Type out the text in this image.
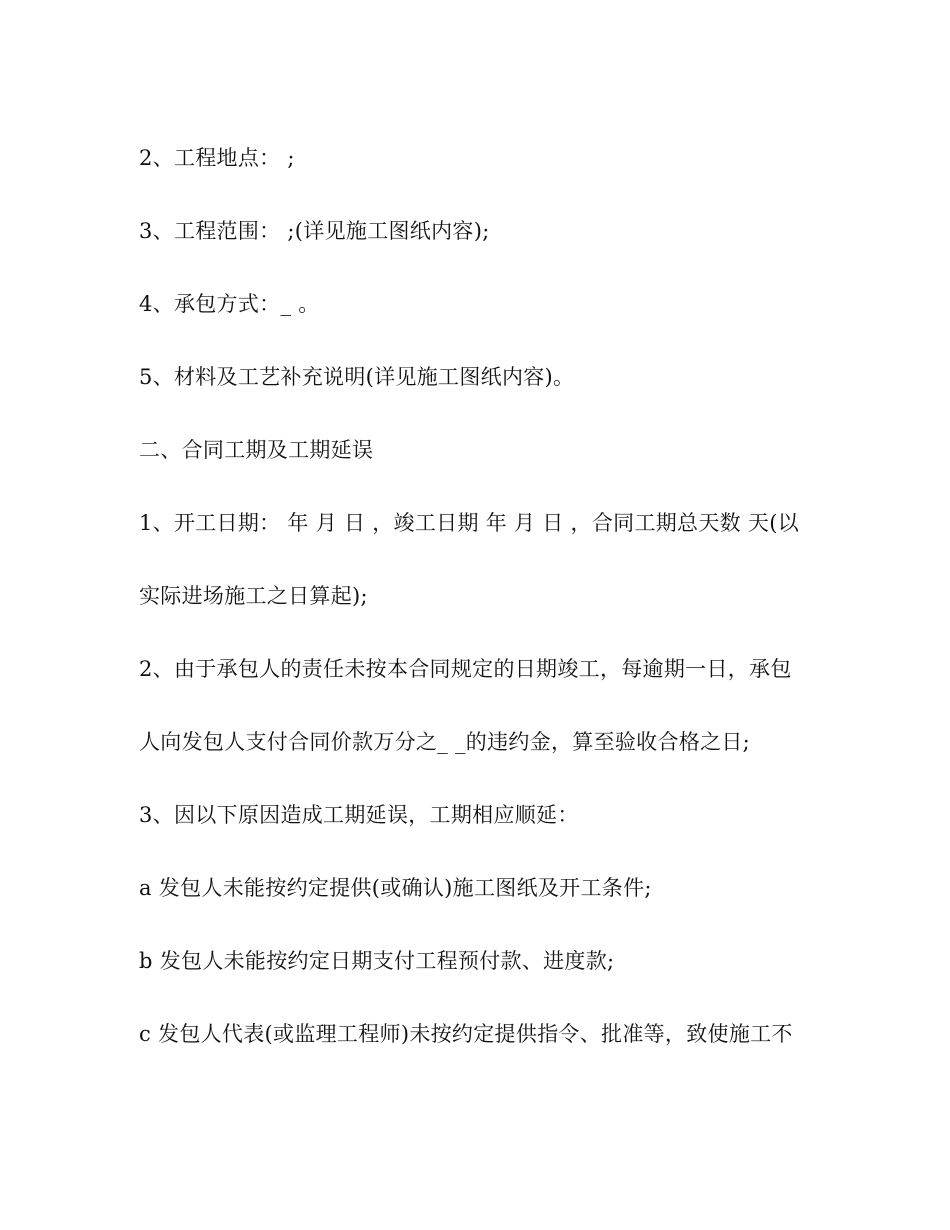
2、工程地点： ;
3、工程范围： ;(详见施工图纸内容);
4、承包方式：_ 。
5、材料及工艺补充说明(详见施工图纸内容)。
二、合同工期及工期延误
1、开工日期： 年 月 日 ，竣工日期 年 月 日 ，合同工期总天数 天(以
实际进场施工之日算起);
2、由于承包人的责任未按本合同规定的日期竣工，每逾期一日，承包
人向发包人支付合同价款万分之_ _的违约金，算至验收合格之日;
3、因以下原因造成工期延误，工期相应顺延：
a 发包人未能按约定提供(或确认)施工图纸及开工条件;
b 发包人未能按约定日期支付工程预付款、进度款;
c 发包人代表(或监理工程师)未按约定提供指令、批准等，致使施工不
